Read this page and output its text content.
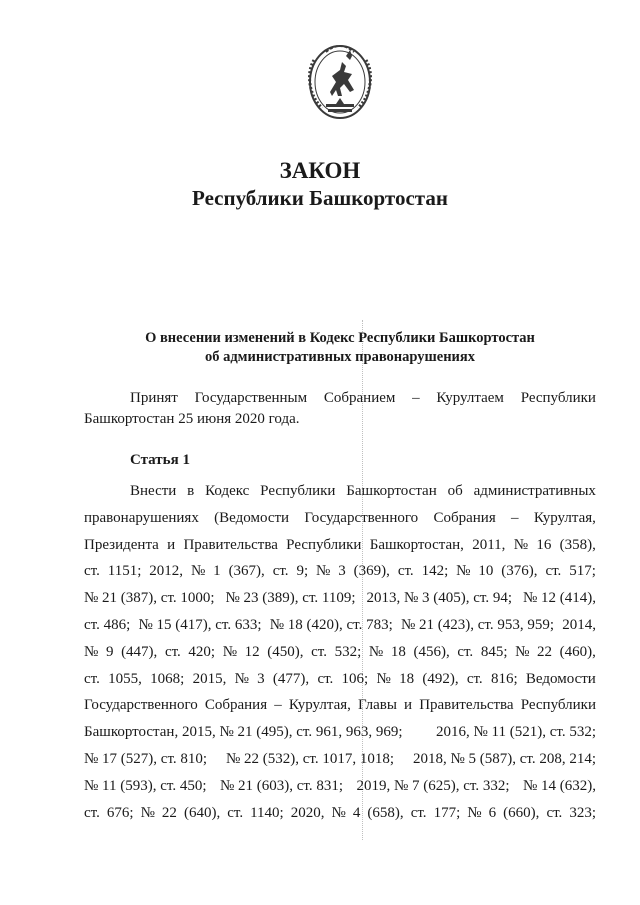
ЗАКОН
Республики Башкортостан
О внесении изменений в Кодекс Республики Башкортостан
об административных правонарушениях
Принят Государственным Собранием – Курултаем Республики
Башкортостан 25 июня 2020 года.
Статья 1
Внести в Кодекс Республики Башкортостан об административных
правонарушениях (Ведомости Государственного Собрания – Курултая,
Президента и Правительства Республики Башкортостан, 2011, № 16 (358),
ст. 1151; 2012, № 1 (367), ст. 9; № 3 (369), ст. 142; № 10 (376), ст. 517;
№ 21 (387), ст. 1000; № 23 (389), ст. 1109; 2013, № 3 (405), ст. 94; № 12 (414),
ст. 486; № 15 (417), ст. 633; № 18 (420), ст. 783; № 21 (423), ст. 953, 959; 2014,
№ 9 (447), ст. 420; № 12 (450), ст. 532; № 18 (456), ст. 845; № 22 (460),
ст. 1055, 1068; 2015, № 3 (477), ст. 106; № 18 (492), ст. 816; Ведомости
Государственного Собрания – Курултая, Главы и Правительства Республики
Башкортостан, 2015, № 21 (495), ст. 961, 963, 969; 2016, № 11 (521), ст. 532;
№ 17 (527), ст. 810; № 22 (532), ст. 1017, 1018; 2018, № 5 (587), ст. 208, 214;
№ 11 (593), ст. 450; № 21 (603), ст. 831; 2019, № 7 (625), ст. 332; № 14 (632),
ст. 676; № 22 (640), ст. 1140; 2020, № 4 (658), ст. 177; № 6 (660), ст. 323;
